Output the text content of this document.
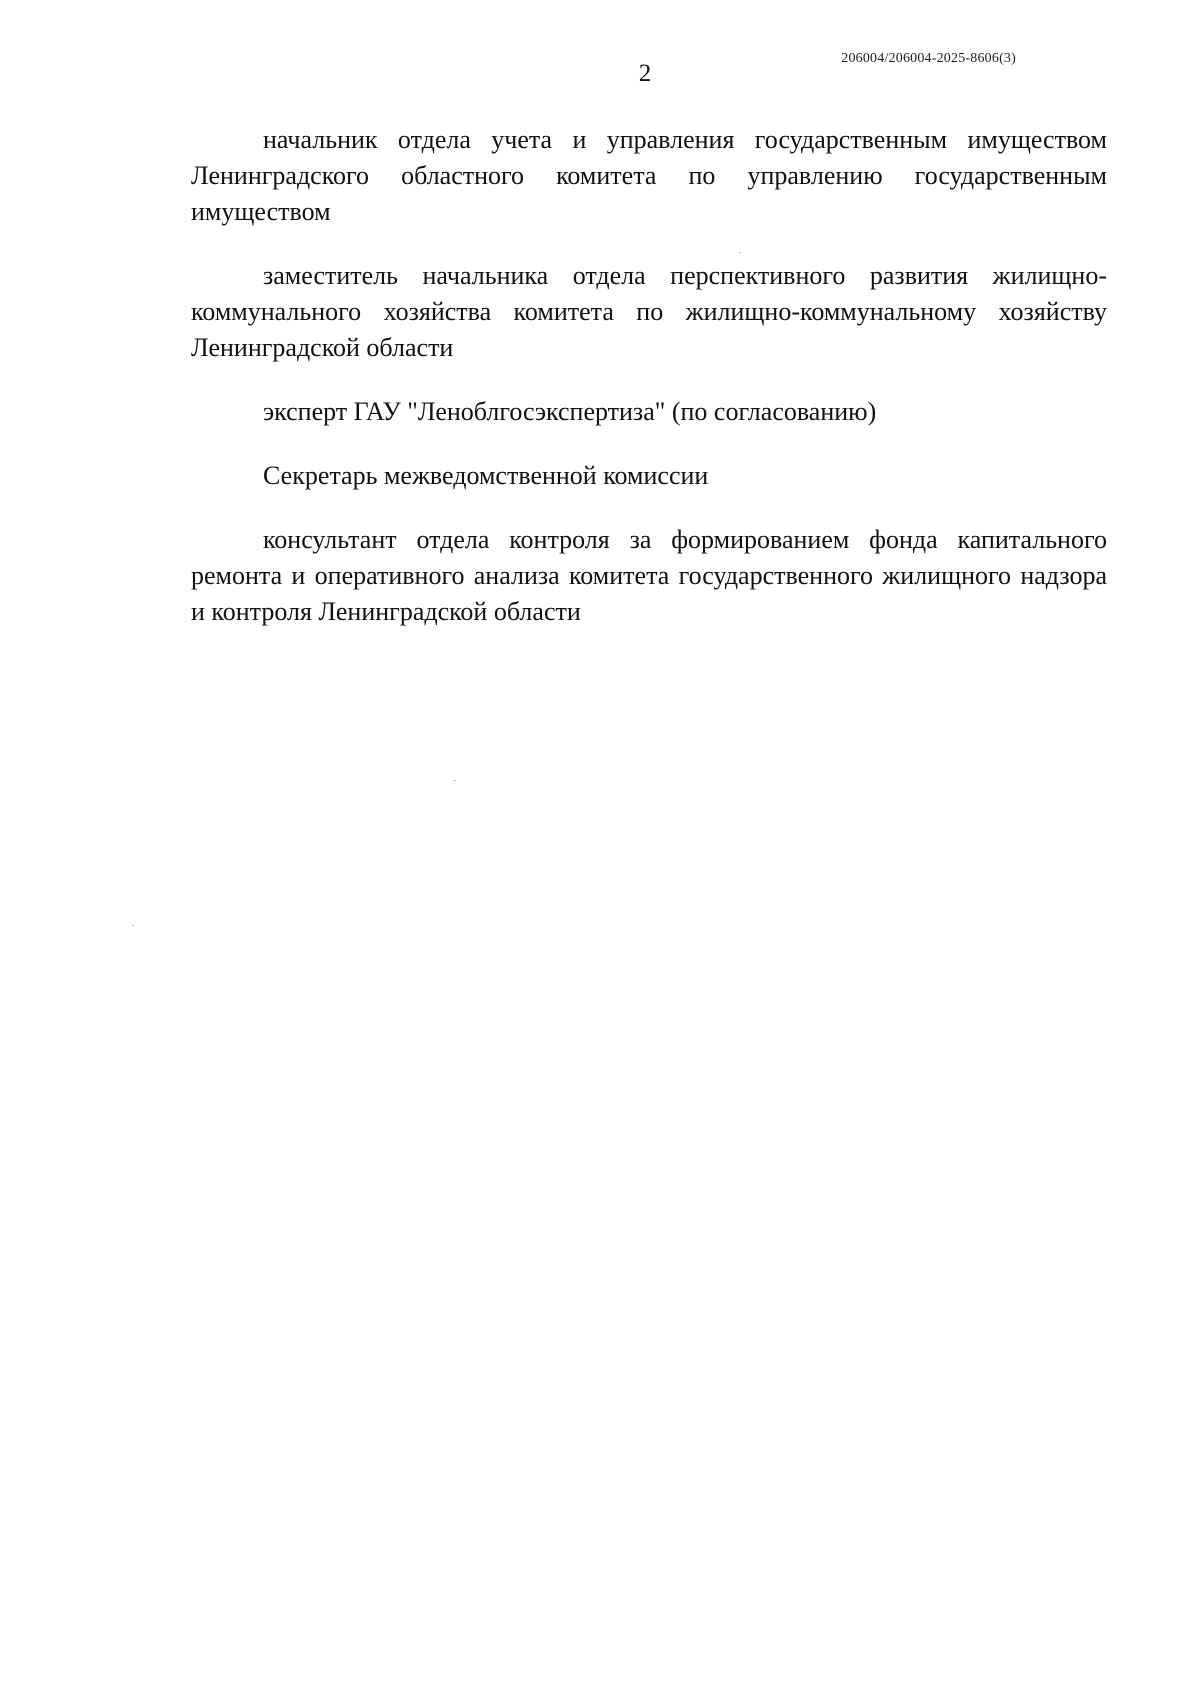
206004/206004-2025-8606(3)
2

начальник отдела учета и управления государственным имуществом Ленинградского областного комитета по управлению государственным имуществом

заместитель начальника отдела перспективного развития жилищно-коммунального хозяйства комитета по жилищно-коммунальному хозяйству Ленинградской области

эксперт ГАУ "Леноблгосэкспертиза" (по согласованию)

Секретарь межведомственной комиссии

консультант отдела контроля за формированием фонда капитального ремонта и оперативного анализа комитета государственного жилищного надзора и контроля Ленинградской области
